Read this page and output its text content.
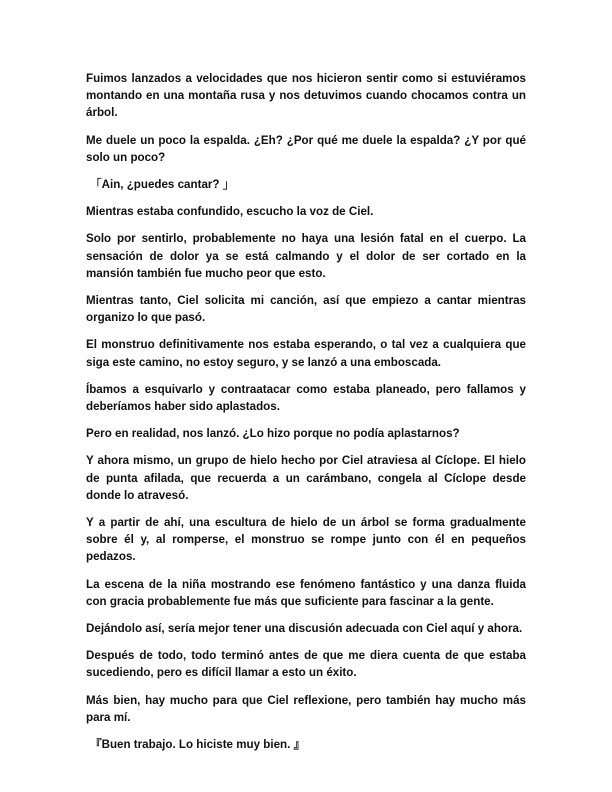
Fuimos lanzados a velocidades que nos hicieron sentir como si estuviéramos montando en una montaña rusa y nos detuvimos cuando chocamos contra un árbol.

Me duele un poco la espalda. ¿Eh? ¿Por qué me duele la espalda? ¿Y por qué solo un poco?

「Ain, ¿puedes cantar? 」

Mientras estaba confundido, escucho la voz de Ciel.

Solo por sentirlo, probablemente no haya una lesión fatal en el cuerpo. La sensación de dolor ya se está calmando y el dolor de ser cortado en la mansión también fue mucho peor que esto.

Mientras tanto, Ciel solicita mi canción, así que empiezo a cantar mientras organizo lo que pasó.

El monstruo definitivamente nos estaba esperando, o tal vez a cualquiera que siga este camino, no estoy seguro, y se lanzó a una emboscada.

Íbamos a esquivarlo y contraatacar como estaba planeado, pero fallamos y deberíamos haber sido aplastados.

Pero en realidad, nos lanzó. ¿Lo hizo porque no podía aplastarnos?

Y ahora mismo, un grupo de hielo hecho por Ciel atraviesa al Cíclope. El hielo de punta afilada, que recuerda a un carámbano, congela al Cíclope desde donde lo atravesó.

Y a partir de ahí, una escultura de hielo de un árbol se forma gradualmente sobre él y, al romperse, el monstruo se rompe junto con él en pequeños pedazos.

La escena de la niña mostrando ese fenómeno fantástico y una danza fluida con gracia probablemente fue más que suficiente para fascinar a la gente.

Dejándolo así, sería mejor tener una discusión adecuada con Ciel aquí y ahora.

Después de todo, todo terminó antes de que me diera cuenta de que estaba sucediendo, pero es difícil llamar a esto un éxito.

Más bien, hay mucho para que Ciel reflexione, pero también hay mucho más para mí.

『Buen trabajo. Lo hiciste muy bien. 』
